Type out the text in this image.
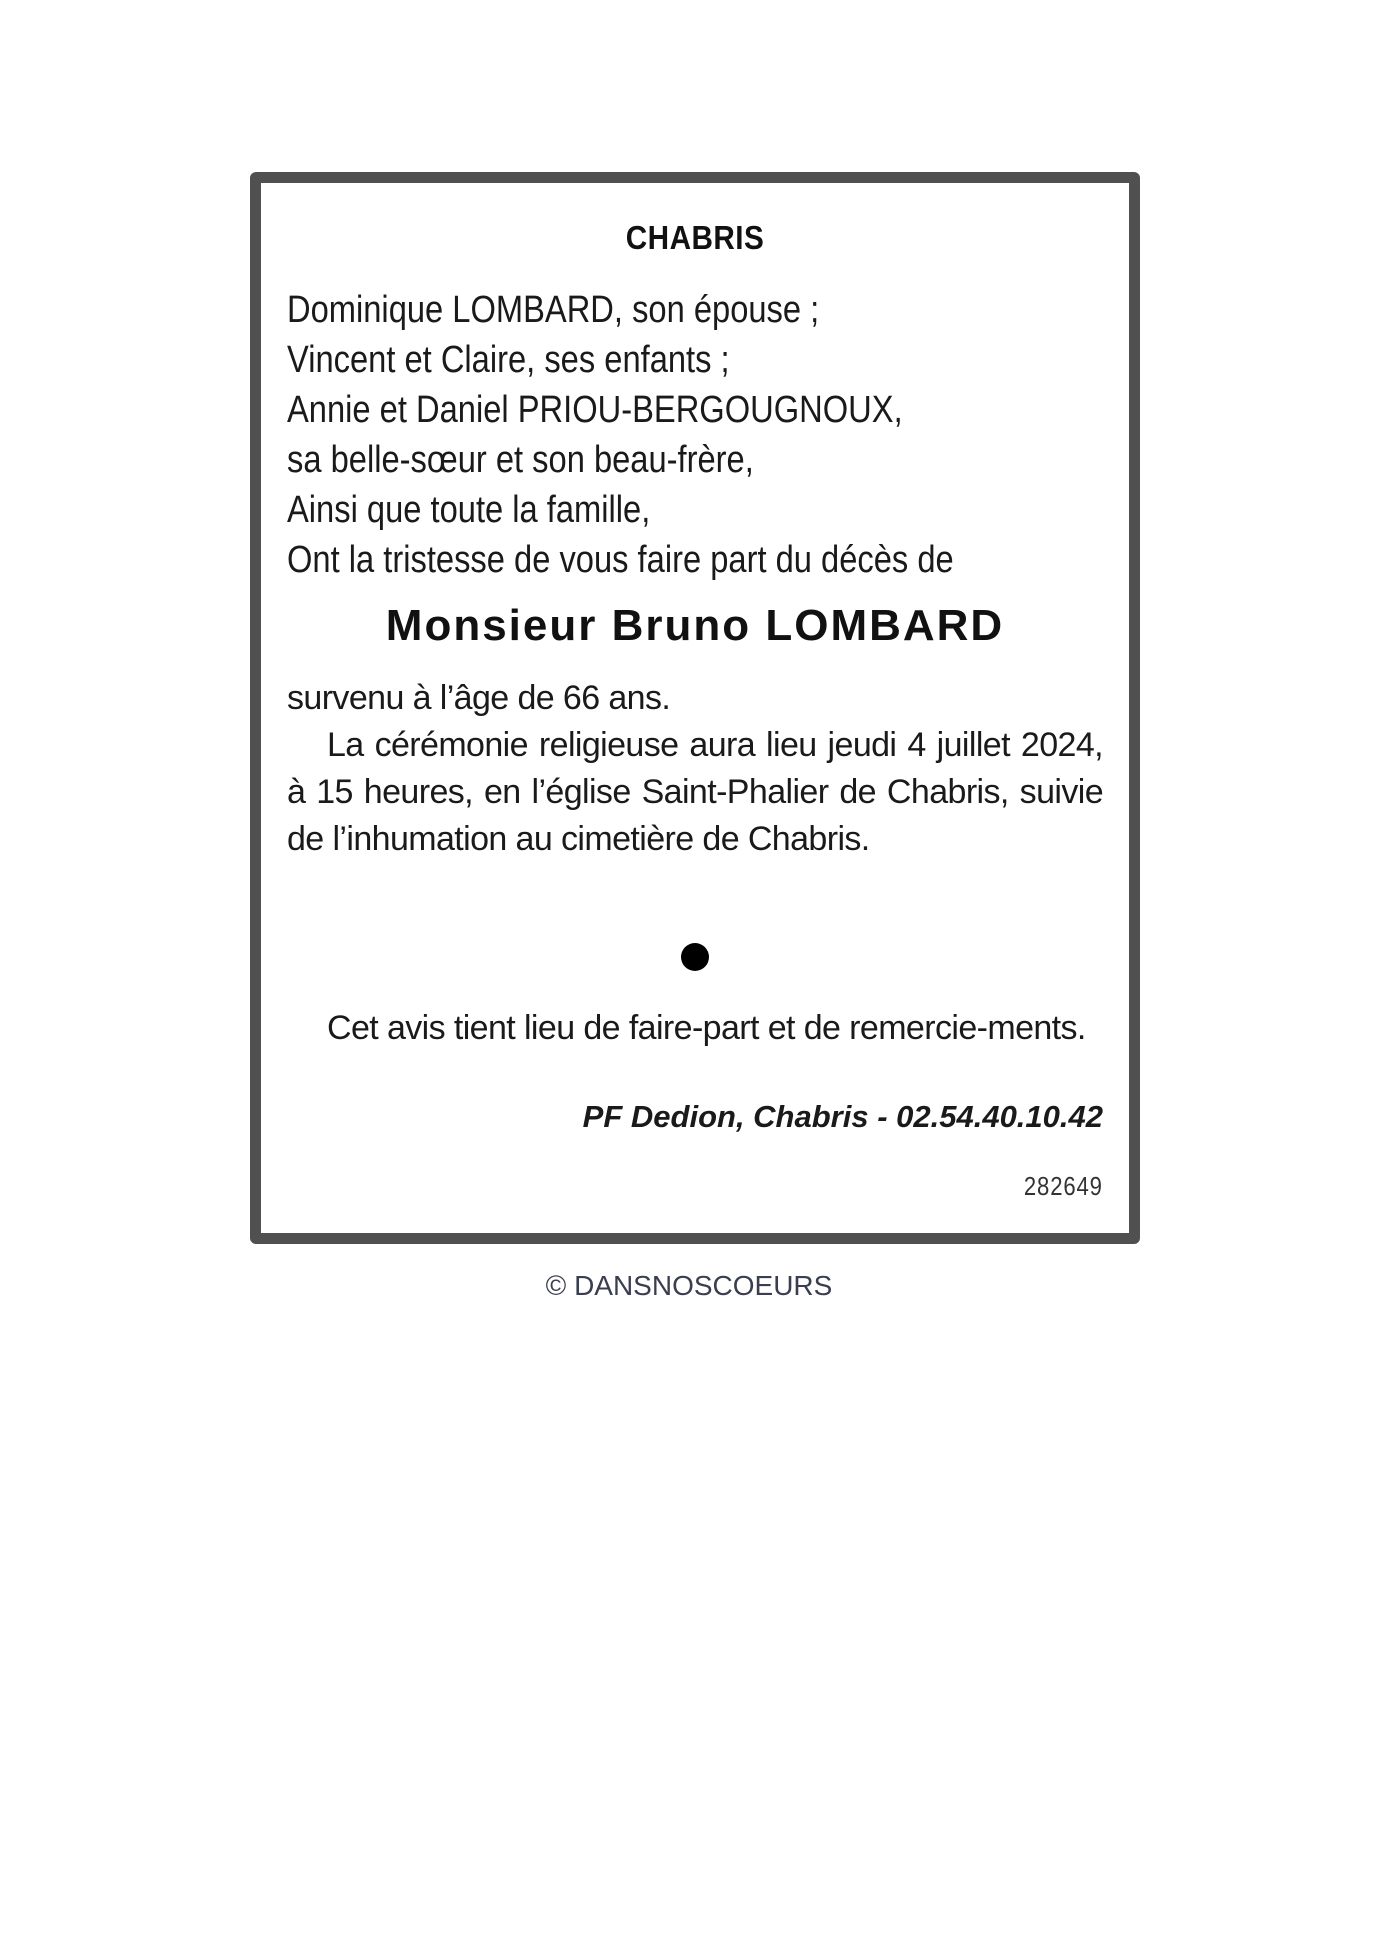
CHABRIS
Dominique LOMBARD, son épouse ;
Vincent et Claire, ses enfants ;
Annie et Daniel PRIOU-BERGOUGNOUX,
sa belle-sœur et son beau-frère,
Ainsi que toute la famille,
Ont la tristesse de vous faire part du décès de
Monsieur Bruno LOMBARD

survenu à l’âge de 66 ans.

La cérémonie religieuse aura lieu jeudi 4 juillet 2024, à 15 heures, en l’église Saint-Phalier de Chabris, suivie de l’inhumation au cimetière de Chabris.

Cet avis tient lieu de faire-part et de remercie-ments.

PF Dedion, Chabris - 02.54.40.10.42
282649
© DANSNOSCOEURS
